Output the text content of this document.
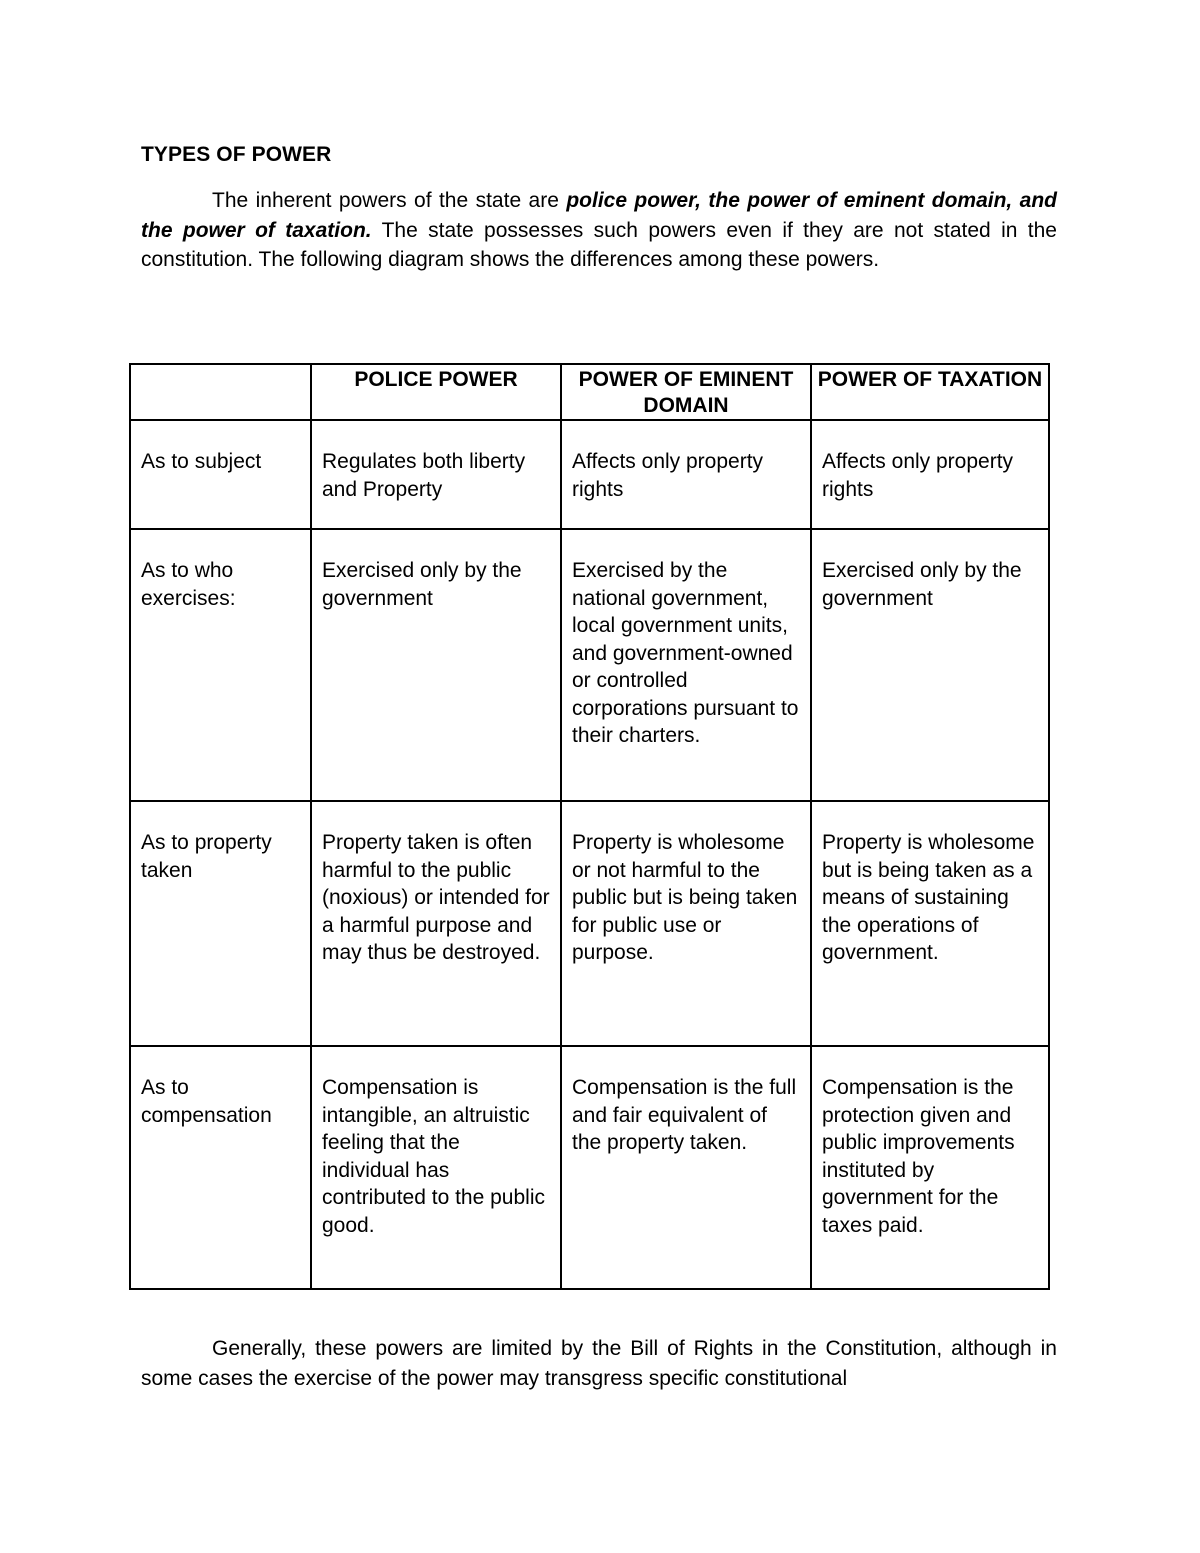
TYPES OF POWER

The inherent powers of the state are police power, the power of eminent domain, and the power of taxation. The state possesses such powers even if they are not stated in the constitution. The following diagram shows the differences among these powers.

	POLICE POWER	POWER OF EMINENT DOMAIN	POWER OF TAXATION
As to subject	Regulates both liberty and Property	Affects only property rights	Affects only property rights
As to who exercises:	Exercised only by the government	Exercised by the national government, local government units, and government-owned or controlled corporations pursuant to their charters.	Exercised only by the government
As to property taken	Property taken is often harmful to the public (noxious) or intended for a harmful purpose and may thus be destroyed.	Property is wholesome or not harmful to the public but is being taken for public use or purpose.	Property is wholesome but is being taken as a means of sustaining the operations of government.
As to compensation	Compensation is intangible, an altruistic feeling that the individual has contributed to the public good.	Compensation is the full and fair equivalent of the property taken.	Compensation is the protection given and public improvements instituted by government for the taxes paid.

Generally, these powers are limited by the Bill of Rights in the Constitution, although in some cases the exercise of the power may transgress specific constitutional
